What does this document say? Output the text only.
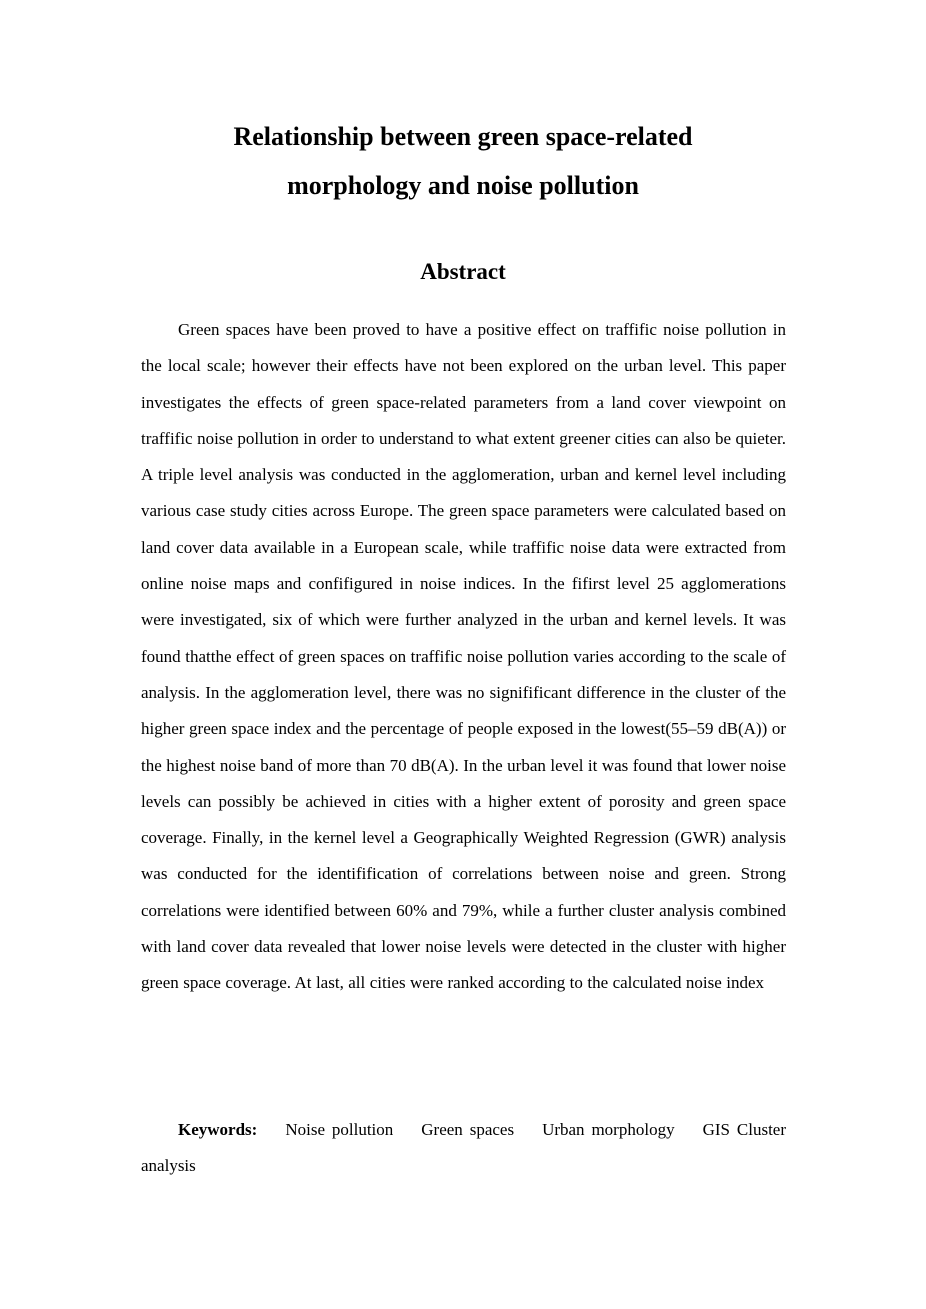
Relationship between green space-related
morphology and noise pollution
Abstract

Green spaces have been proved to have a positive effect on traffific noise pollution in the local scale; however their effects have not been explored on the urban level. This paper investigates the effects of green space-related parameters from a land cover viewpoint on traffific noise pollution in order to understand to what extent greener cities can also be quieter. A triple level analysis was conducted in the agglomeration, urban and kernel level including various case study cities across Europe. The green space parameters were calculated based on land cover data available in a European scale, while traffific noise data were extracted from online noise maps and confifigured in noise indices. In the fifirst level 25 agglomerations were investigated, six of which were further analyzed in the urban and kernel levels. It was found thatthe effect of green spaces on traffific noise pollution varies according to the scale of analysis. In the agglomeration level, there was no signifificant difference in the cluster of the higher green space index and the percentage of people exposed in the lowest(55–59 dB(A)) or the highest noise band of more than 70 dB(A). In the urban level it was found that lower noise levels can possibly be achieved in cities with a higher extent of porosity and green space coverage. Finally, in the kernel level a Geographically Weighted Regression (GWR) analysis was conducted for the identifification of correlations between noise and green. Strong correlations were identified between 60% and 79%, while a further cluster analysis combined with land cover data revealed that lower noise levels were detected in the cluster with higher green space coverage. At last, all cities were ranked according to the calculated noise index

Keywords: Noise pollution Green spaces Urban morphology GIS Cluster analysis
